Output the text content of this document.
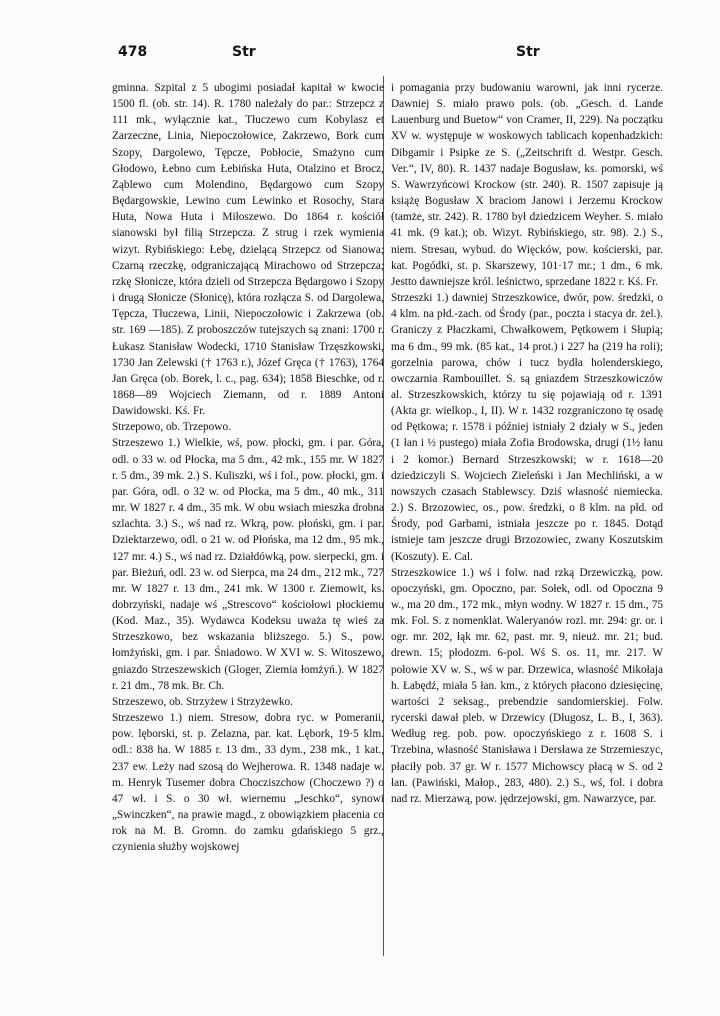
478	Str	Str

gminna. Szpital z 5 ubogimi posiadał kapitał w kwocie 1500 fl. (ob. str. 14). R. 1780 należały do par.: Strzepcz z 111 mk., wyłącznie kat., Tłuczewo cum Kobylasz et Zarzeczne, Linia, Niepoczołowice, Zakrzewo, Bork cum Szopy, Dargolewo, Tępcze, Pobłocie, Smażyno cum Głodowo, Łebno cum Łebińska Huta, Otalzino et Brocz, Ząblewo cum Molendino, Będargowo cum Szopy Będargowskie, Lewino cum Lewinko et Rosochy, Stara Huta, Nowa Huta i Miłoszewo. Do 1864 r. kościół sianowski był filią Strzepcza. Z strug i rzek wymienia wizyt. Rybińskiego: Łebę, dzielącą Strzepcz od Sianowa; Czarną rzeczkę, odgraniczającą Mirachowo od Strzepcza; rzkę Słonicze, która dzieli od Strzepcza Będargowo i Szopy i drugą Słonicze (Słonicę), która rozłącza S. od Dargolewa, Tępcza, Tłuczewa, Linii, Niepoczołowic i Zakrzewa (ob. str. 169 —185). Z proboszczów tutejszych są znani: 1700 r. Łukasz Stanisław Wodecki, 1710 Stanisław Trzęszkowski, 1730 Jan Zelewski († 1763 r.), Józef Gręca († 1763), 1764 Jan Gręca (ob. Borek, l. c., pag. 634); 1858 Bieschke, od r. 1868—89 Wojciech Ziemann, od r. 1889 Antoni Dawidowski. Kś. Fr.

Strzepowo, ob. Trzepowo.

Strzeszewo 1.) Wielkie, wś, pow. płocki, gm. i par. Góra, odl. o 33 w. od Płocka, ma 5 dm., 42 mk., 155 mr. W 1827 r. 5 dm., 39 mk. 2.) S. Kuliszki, wś i fol., pow. płocki, gm. i par. Góra, odl. o 32 w. od Płocka, ma 5 dm., 40 mk., 311 mr. W 1827 r. 4 dm., 35 mk. W obu wsiach mieszka drobna szlachta. 3.) S., wś nad rz. Wkrą, pow. płoński, gm. i par. Dziektarzewo, odl. o 21 w. od Płońska, ma 12 dm., 95 mk., 127 mr. 4.) S., wś nad rz. Działdówką, pow. sierpecki, gm. i par. Bieżuń, odl. 23 w. od Sierpca, ma 24 dm., 212 mk., 727 mr. W 1827 r. 13 dm., 241 mk. W 1300 r. Ziemowit, ks. dobrzyński, nadaje wś „Strescovo“ kościołowi płockiemu (Kod. Maz., 35). Wydawca Kodeksu uważa tę wieś za Strzeszkowo, bez wskazania bliższego. 5.) S., pow. łomżyński, gm. i par. Śniadowo. W XVI w. S. Witoszewo, gniazdo Strzeszewskich (Gloger, Ziemia łomżyń.). W 1827 r. 21 dm., 78 mk. Br. Ch.

Strzeszewo, ob. Strzyżew i Strzyżewko.

Strzeszewo 1.) niem. Stresow, dobra ryc. w Pomeranii, pow. lęborski, st. p. Zelazna, par. kat. Lębork, 19·5 klm. odl.: 838 ha. W 1885 r. 13 dm., 33 dym., 238 mk., 1 kat., 237 ew. Leży nad szosą do Wejherowa. R. 1348 nadaje w. m. Henryk Tusemer dobra Chocziszchow (Choczewo ?) o 47 wł. i S. o 30 wł. wiernemu „Jeschko“, synowi „Swinczken“, na prawie magd., z obowiązkiem płacenia co rok na M. B. Gromn. do zamku gdańskiego 5 grz., czynienia służby wojskowej

i pomagania przy budowaniu warowni, jak inni rycerze. Dawniej S. miało prawo pols. (ob. „Gesch. d. Lande Lauenburg und Buetow“ von Cramer, II, 229). Na początku XV w. występuje w woskowych tablicach kopenhadzkich: Dibgamir i Psipke ze S. („Zeitschrift d. Westpr. Gesch. Ver.“, IV, 80). R. 1437 nadaje Bogusław, ks. pomorski, wś S. Wawrzyńcowi Krockow (str. 240). R. 1507 zapisuje ją książę Bogusław X braciom Janowi i Jerzemu Krockow (tamże, str. 242). R. 1780 był dziedzicem Weyher. S. miało 41 mk. (9 kat.); ob. Wizyt. Rybińskiego, str. 98). 2.) S., niem. Stresau, wybud. do Więcków, pow. kościerski, par. kat. Pogódki, st. p. Skarszewy, 101·17 mr.; 1 dm., 6 mk. Jestto dawniejsze król. leśnictwo, sprzedane 1822 r. Kś. Fr.

Strzeszki 1.) dawniej Strzeszkowice, dwór, pow. średzki, o 4 klm. na płd.-zach. od Środy (par., poczta i stacya dr. żel.). Graniczy z Płaczkami, Chwałkowem, Pętkowem i Słupią; ma 6 dm., 99 mk. (85 kat., 14 prot.) i 227 ha (219 ha roli); gorzelnia parowa, chów i tucz bydła holenderskiego, owczarnia Rambouillet. S. są gniazdem Strzeszkowiczów al. Strzeszkowskich, którzy tu się pojawiają od r. 1391 (Akta gr. wielkop., I, II). W r. 1432 rozgraniczono tę osadę od Pętkowa; r. 1578 i później istniały 2 działy w S., jeden (1 łan i ½ pustego) miała Zofia Brodowska, drugi (1½ łanu i 2 komor.) Bernard Strzeszkowski; w r. 1618—20 dziedziczyli S. Wojciech Zieleński i Jan Mechliński, a w nowszych czasach Stablewscy. Dziś własność niemiecka. 2.) S. Brzozowiec, os., pow. średzki, o 8 klm. na płd. od Środy, pod Garbami, istniała jeszcze po r. 1845. Dotąd istnieje tam jeszcze drugi Brzozowiec, zwany Koszutskim (Koszuty). E. Cal.

Strzeszkowice 1.) wś i folw. nad rzką Drzewiczką, pow. opoczyński, gm. Opoczno, par. Sołek, odl. od Opoczna 9 w., ma 20 dm., 172 mk., młyn wodny. W 1827 r. 15 dm., 75 mk. Fol. S. z nomenklat. Waleryanów rozl. mr. 294: gr. or. i ogr. mr. 202, łąk mr. 62, past. mr. 9, nieuż. mr. 21; bud. drewn. 15; płodozm. 6-pol. Wś S. os. 11, mr. 217. W połowie XV w. S., wś w par. Drzewica, własność Mikołaja h. Łabędź, miała 5 łan. km., z których płacono dziesięcinę, wartości 2 seksag., prebendzie sandomierskiej. Folw. rycerski dawał pleb. w Drzewicy (Długosz, L. B., I, 363). Według reg. pob. pow. opoczyńskiego z r. 1608 S. i Trzebina, własność Stanisława i Dersława ze Strzemieszyc, płaciły pob. 37 gr. W r. 1577 Michowscy płacą w S. od 2 łan. (Pawiński, Małop., 283, 480). 2.) S., wś, fol. i dobra nad rz. Mierzawą, pow. jędrzejowski, gm. Nawarzyce, par.
